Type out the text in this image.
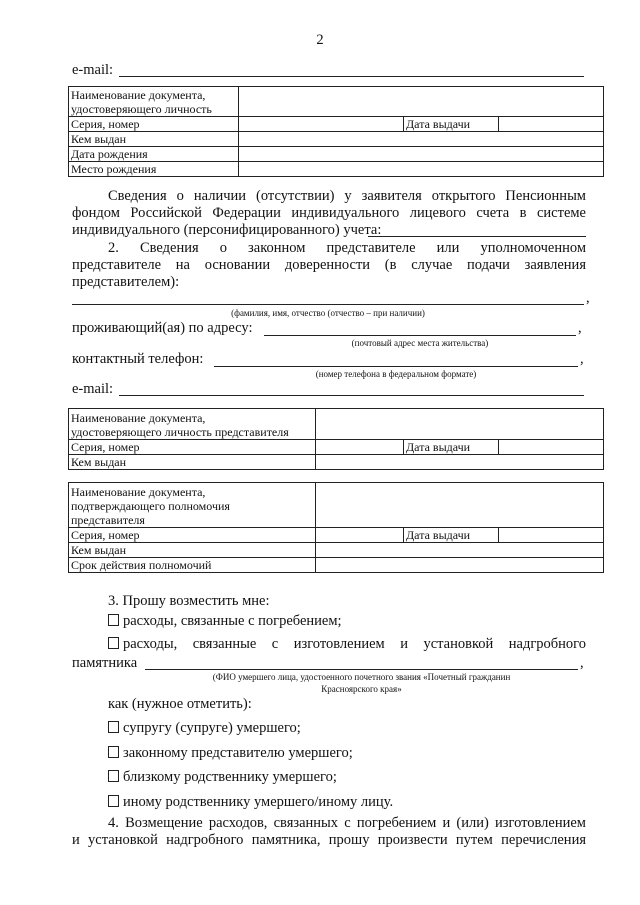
2
e-mail:
Наименование документа,
удостоверяющего личность			

Серия, номер		Дата выдачи	
Кем выдан			
Дата рождения			
Место рождения			
Сведения о наличии (отсутствии) у заявителя открытого Пенсионным
фондом Российской Федерации индивидуального лицевого счета в системе
индивидуального (персонифицированного) учета:
2. Сведения о законном представителе или уполномоченном
представителе на основании доверенности (в случае подачи заявления
представителем):
,
(фамилия, имя, отчество (отчество – при наличии)
проживающий(ая) по адресу:	,
(почтовый адрес места жительства)
контактный телефон:	,
(номер телефона в федеральном формате)
e-mail:
Наименование документа,
удостоверяющего личность представителя			

Серия, номер		Дата выдачи	
Кем выдан			
Наименование документа,
подтверждающего полномочия
представителя			

Серия, номер		Дата выдачи	
Кем выдан			
Срок действия полномочий			
3. Прошу возместить мне:
расходы, связанные с погребением;
расходы, связанные с изготовлением и установкой надгробного
памятника	,
(ФИО умершего лица, удостоенного почетного звания «Почетный гражданин
Красноярского края»
как (нужное отметить):
супругу (супруге) умершего;
законному представителю умершего;
близкому родственнику умершего;
иному родственнику умершего/иному лицу.
4. Возмещение расходов, связанных с погребением и (или) изготовлением
и установкой надгробного памятника, прошу произвести путем перечисления
